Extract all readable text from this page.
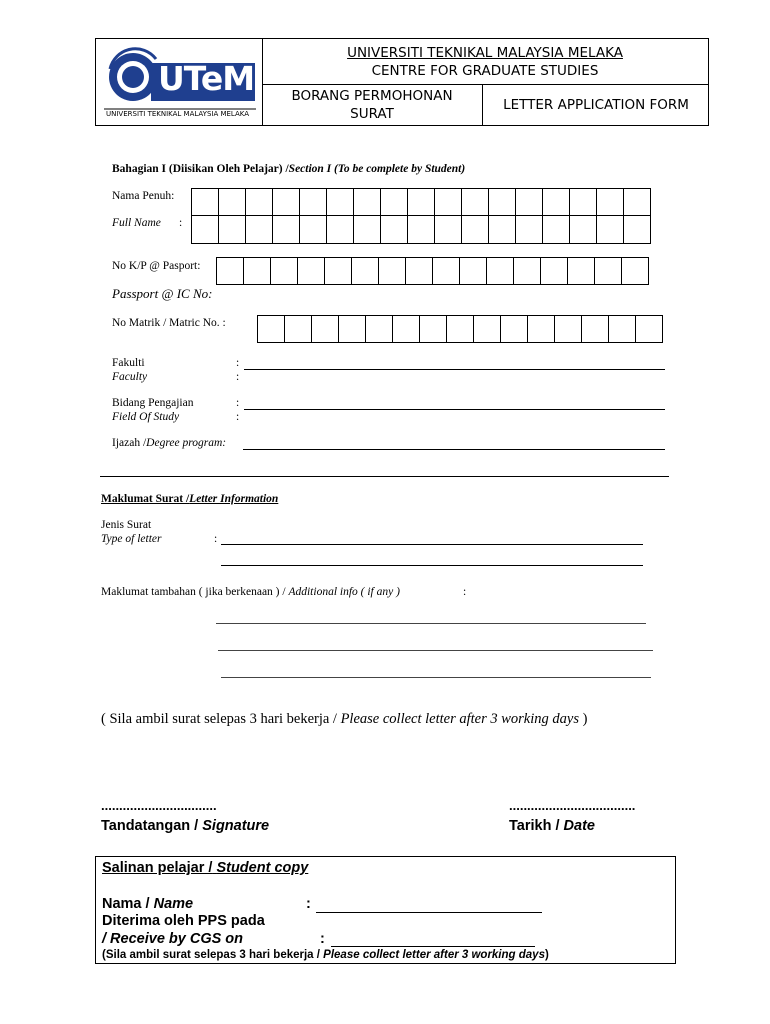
UTeM
UNIVERSITI TEKNIKAL MALAYSIA MELAKA
UNIVERSITI TEKNIKAL MALAYSIA MELAKA
CENTRE FOR GRADUATE STUDIES
BORANG PERMOHONAN
SURAT
LETTER APPLICATION FORM
Bahagian I (Diisikan Oleh Pelajar) /Section I (To be complete by Student)
Nama Penuh:
Full Name :
No K/P @ Pasport:
Passport @ IC No:
No Matrik / Matric No. :
Fakulti
Faculty
:
:
Bidang Pengajian
Field Of Study
:
:
Ijazah /Degree program:
Maklumat Surat /Letter Information
Jenis Surat
Type of letter	:
Maklumat tambahan ( jika berkenaan ) / Additional info ( if any )	:
( Sila ambil surat selepas 3 hari bekerja / Please collect letter after 3 working days )
................................	...................................
Tandatangan / Signature	Tarikh / Date
Salinan pelajar / Student copy
Nama / Name	:
Diterima oleh PPS pada
/ Receive by CGS on	:
(Sila ambil surat selepas 3 hari bekerja / Please collect letter after 3 working days)
